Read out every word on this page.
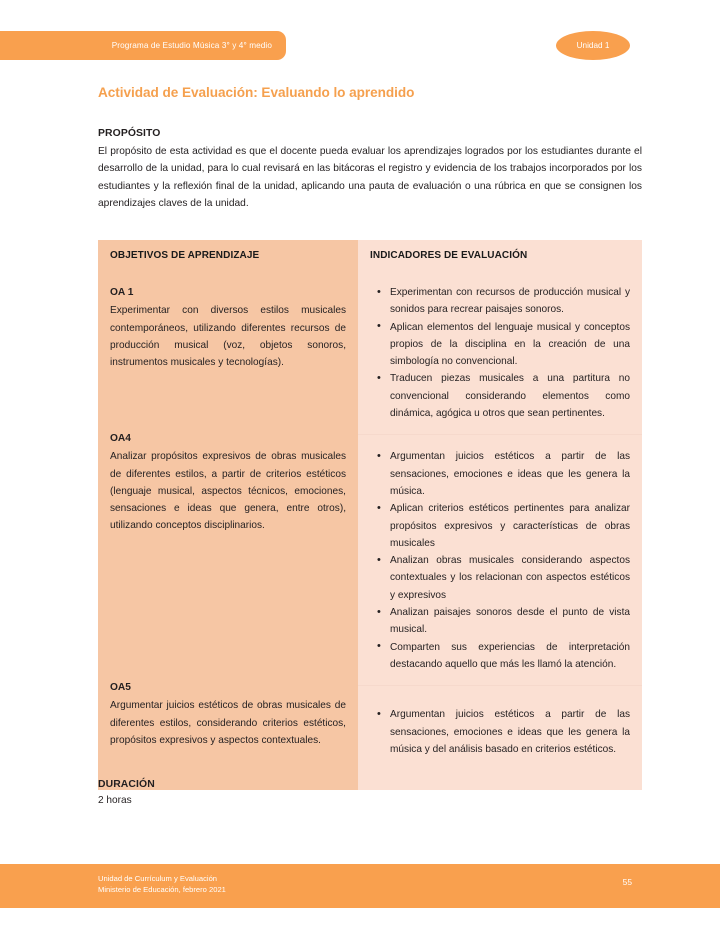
Programa de Estudio Música 3° y 4° medio	Unidad 1
Actividad de Evaluación: Evaluando lo aprendido
PROPÓSITO
El propósito de esta actividad es que el docente pueda evaluar los aprendizajes logrados por los estudiantes durante el desarrollo de la unidad, para lo cual revisará en las bitácoras el registro y evidencia de los trabajos incorporados por los estudiantes y la reflexión final de la unidad, aplicando una pauta de evaluación o una rúbrica en que se consignen los aprendizajes claves de la unidad.
OBJETIVOS DE APRENDIZAJE
OA 1
Experimentar con diversos estilos musicales contemporáneos, utilizando diferentes recursos de producción musical (voz, objetos sonoros, instrumentos musicales y tecnologías).
OA4
Analizar propósitos expresivos de obras musicales de diferentes estilos, a partir de criterios estéticos (lenguaje musical, aspectos técnicos, emociones, sensaciones e ideas que genera, entre otros), utilizando conceptos disciplinarios.
OA5
Argumentar juicios estéticos de obras musicales de diferentes estilos, considerando criterios estéticos, propósitos expresivos y aspectos contextuales.
INDICADORES DE EVALUACIÓN
• Experimentan con recursos de producción musical y sonidos para recrear paisajes sonoros.
• Aplican elementos del lenguaje musical y conceptos propios de la disciplina en la creación de una simbología no convencional.
• Traducen piezas musicales a una partitura no convencional considerando elementos como dinámica, agógica u otros que sean pertinentes.
• Argumentan juicios estéticos a partir de las sensaciones, emociones e ideas que les genera la música.
• Aplican criterios estéticos pertinentes para analizar propósitos expresivos y características de obras musicales
• Analizan obras musicales considerando aspectos contextuales y los relacionan con aspectos estéticos y expresivos
• Analizan paisajes sonoros desde el punto de vista musical.
• Comparten sus experiencias de interpretación destacando aquello que más les llamó la atención.
• Argumentan juicios estéticos a partir de las sensaciones, emociones e ideas que les genera la música y del análisis basado en criterios estéticos.
DURACIÓN
2 horas
Unidad de Currículum y Evaluación
Ministerio de Educación, febrero 2021
55
